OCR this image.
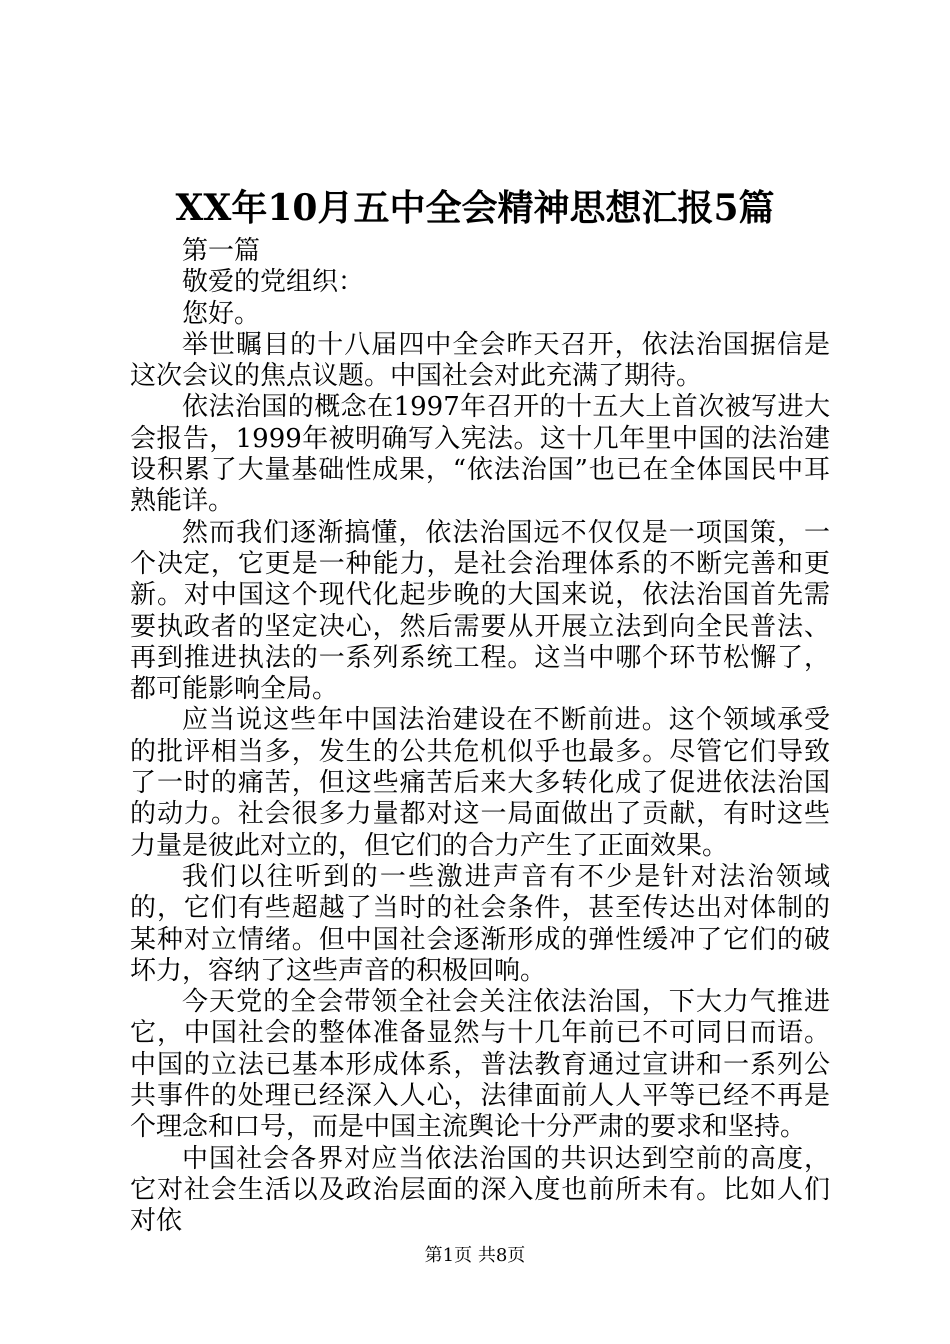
XX年10月五中全会精神思想汇报5篇

第一篇

敬爱的党组织：

您好。

举世瞩目的十八届四中全会昨天召开，依法治国据信是这次会议的焦点议题。中国社会对此充满了期待。

依法治国的概念在1997年召开的十五大上首次被写进大会报告，1999年被明确写入宪法。这十几年里中国的法治建设积累了大量基础性成果，“依法治国”也已在全体国民中耳熟能详。

然而我们逐渐搞懂，依法治国远不仅仅是一项国策，一个决定，它更是一种能力，是社会治理体系的不断完善和更新。对中国这个现代化起步晚的大国来说，依法治国首先需要执政者的坚定决心，然后需要从开展立法到向全民普法、再到推进执法的一系列系统工程。这当中哪个环节松懈了，都可能影响全局。

应当说这些年中国法治建设在不断前进。这个领域承受的批评相当多，发生的公共危机似乎也最多。尽管它们导致了一时的痛苦，但这些痛苦后来大多转化成了促进依法治国的动力。社会很多力量都对这一局面做出了贡献，有时这些力量是彼此对立的，但它们的合力产生了正面效果。

我们以往听到的一些激进声音有不少是针对法治领域的，它们有些超越了当时的社会条件，甚至传达出对体制的某种对立情绪。但中国社会逐渐形成的弹性缓冲了它们的破坏力，容纳了这些声音的积极回响。

今天党的全会带领全社会关注依法治国，下大力气推进它，中国社会的整体准备显然与十几年前已不可同日而语。中国的立法已基本形成体系，普法教育通过宣讲和一系列公共事件的处理已经深入人心，法律面前人人平等已经不再是个理念和口号，而是中国主流舆论十分严肃的要求和坚持。

中国社会各界对应当依法治国的共识达到空前的高度，它对社会生活以及政治层面的深入度也前所未有。比如人们对依

第1页 共8页
